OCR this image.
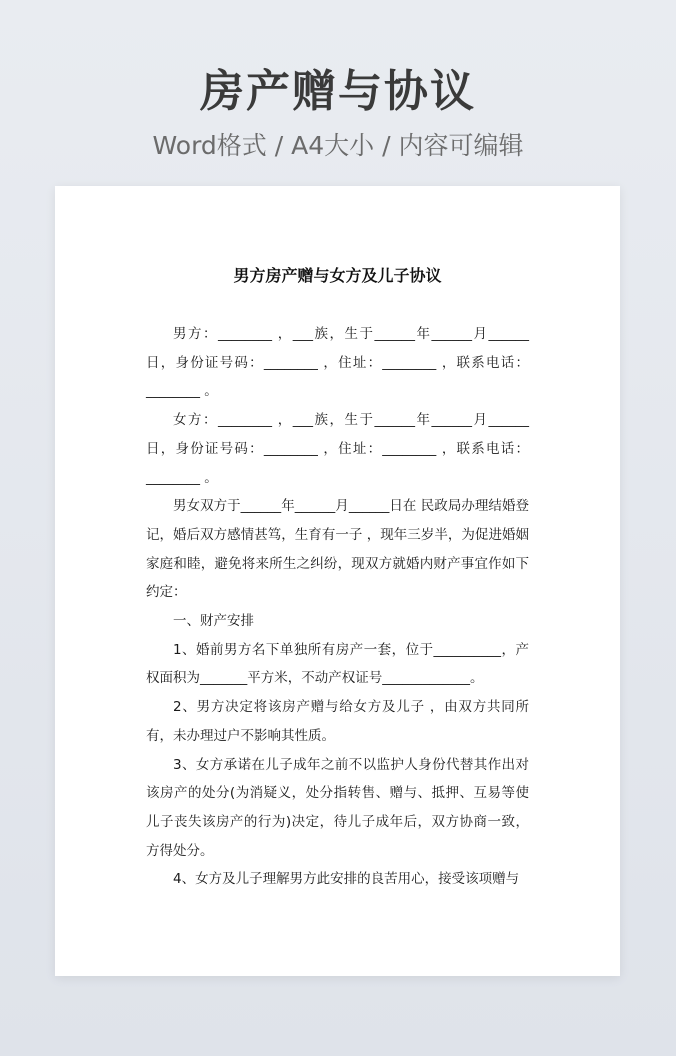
房产赠与协议
Word格式 / A4大小 / 内容可编辑
男方房产赠与女方及儿子协议

男方：________ ，___族，生于______年______月______日，身份证号码：________ ，住址：________ ，联系电话：________ 。

女方：________ ，___族，生于______年______月______日，身份证号码：________ ，住址：________ ，联系电话：________ 。

男女双方于______年______月______日在 民政局办理结婚登记，婚后双方感情甚笃，生育有一子 ，现年三岁半，为促进婚姻家庭和睦，避免将来所生之纠纷，现双方就婚内财产事宜作如下约定：

一、财产安排

1、婚前男方名下单独所有房产一套，位于__________，产权面积为_______平方米，不动产权证号_____________。

2、男方决定将该房产赠与给女方及儿子 ，由双方共同所有，未办理过户不影响其性质。

3、女方承诺在儿子成年之前不以监护人身份代替其作出对该房产的处分(为消疑义，处分指转售、赠与、抵押、互易等使儿子丧失该房产的行为)决定，待儿子成年后，双方协商一致，方得处分。

4、女方及儿子理解男方此安排的良苦用心，接受该项赠与
